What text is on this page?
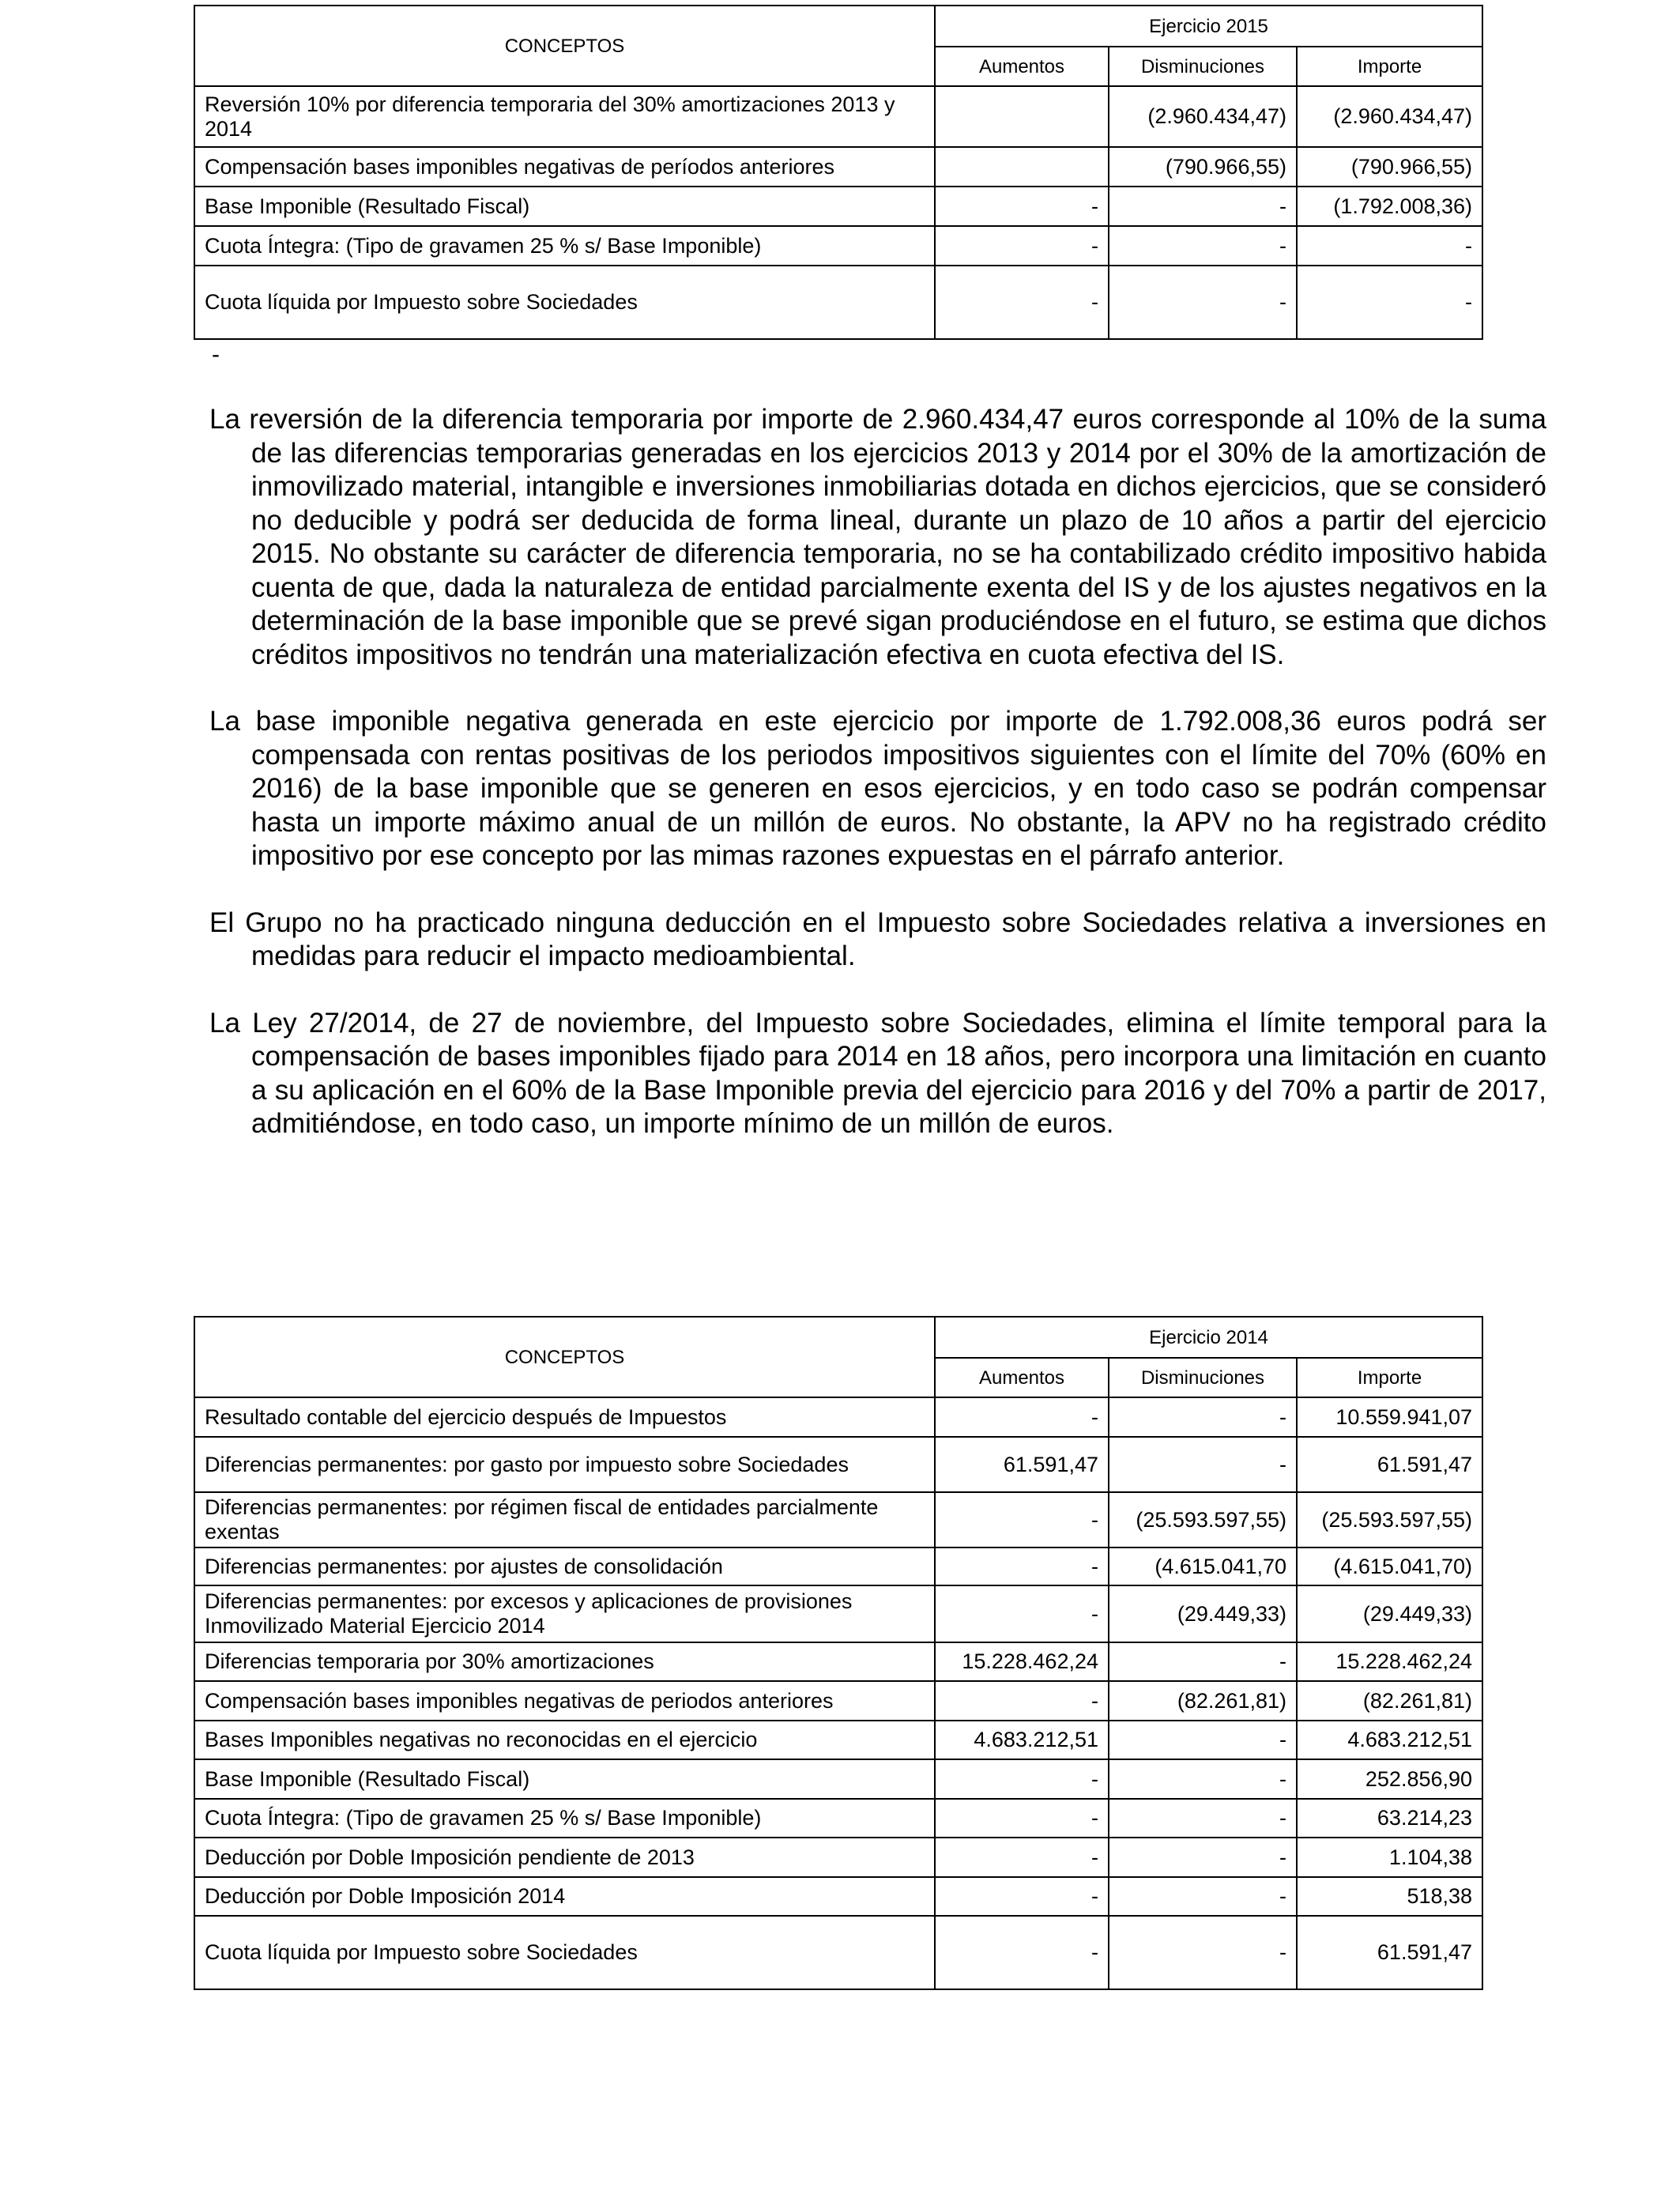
CONCEPTOS	Ejercicio 2015		
	Aumentos	Disminuciones	Importe
Reversión 10% por diferencia temporaria del 30% amortizaciones 2013 y 2014		(2.960.434,47)	(2.960.434,47)
Compensación bases imponibles negativas de períodos anteriores		(790.966,55)	(790.966,55)
Base Imponible (Resultado Fiscal)	-	-	(1.792.008,36)
Cuota Íntegra: (Tipo de gravamen 25 % s/ Base Imponible)	-	-	-
Cuota líquida por Impuesto sobre Sociedades	-	-	-
-

La reversión de la diferencia temporaria por importe de 2.960.434,47 euros corresponde al 10% de la suma de las diferencias temporarias generadas en los ejercicios 2013 y 2014 por el 30% de la amortización de inmovilizado material, intangible e inversiones inmobiliarias dotada en dichos ejercicios, que se consideró no deducible y podrá ser deducida de forma lineal, durante un plazo de 10 años a partir del ejercicio 2015. No obstante su carácter de diferencia temporaria, no se ha contabilizado crédito impositivo habida cuenta de que, dada la naturaleza de entidad parcialmente exenta del IS y de los ajustes negativos en la determinación de la base imponible que se prevé sigan produciéndose en el futuro, se estima que dichos créditos impositivos no tendrán una materialización efectiva en cuota efectiva del IS.

La base imponible negativa generada en este ejercicio por importe de 1.792.008,36 euros podrá ser compensada con rentas positivas de los periodos impositivos siguientes con el límite del 70% (60% en 2016) de la base imponible que se generen en esos ejercicios, y en todo caso se podrán compensar hasta un importe máximo anual de un millón de euros. No obstante, la APV no ha registrado crédito impositivo por ese concepto por las mimas razones expuestas en el párrafo anterior.

El Grupo no ha practicado ninguna deducción en el Impuesto sobre Sociedades relativa a inversiones en medidas para reducir el impacto medioambiental.

La Ley 27/2014, de 27 de noviembre, del Impuesto sobre Sociedades, elimina el límite temporal para la compensación de bases imponibles fijado para 2014 en 18 años, pero incorpora una limitación en cuanto a su aplicación en el 60% de la Base Imponible previa del ejercicio para 2016 y del 70% a partir de 2017, admitiéndose, en todo caso, un importe mínimo de un millón de euros.

CONCEPTOS	Ejercicio 2014		
	Aumentos	Disminuciones	Importe
Resultado contable del ejercicio después de Impuestos	-	-	10.559.941,07
Diferencias permanentes: por gasto por impuesto sobre Sociedades	61.591,47	-	61.591,47
Diferencias permanentes: por régimen fiscal de entidades parcialmente exentas	-	(25.593.597,55)	(25.593.597,55)
Diferencias permanentes: por ajustes de consolidación	-	(4.615.041,70	(4.615.041,70)
Diferencias permanentes: por excesos y aplicaciones de provisiones Inmovilizado Material Ejercicio 2014	-	(29.449,33)	(29.449,33)
Diferencias temporaria por 30% amortizaciones	15.228.462,24	-	15.228.462,24
Compensación bases imponibles negativas de periodos anteriores	-	(82.261,81)	(82.261,81)
Bases Imponibles negativas no reconocidas en el ejercicio	4.683.212,51	-	4.683.212,51
Base Imponible (Resultado Fiscal)	-	-	252.856,90
Cuota Íntegra: (Tipo de gravamen 25 % s/ Base Imponible)	-	-	63.214,23
Deducción por Doble Imposición pendiente de 2013	-	-	1.104,38
Deducción por Doble Imposición 2014	-	-	518,38
Cuota líquida por Impuesto sobre Sociedades	-	-	61.591,47
